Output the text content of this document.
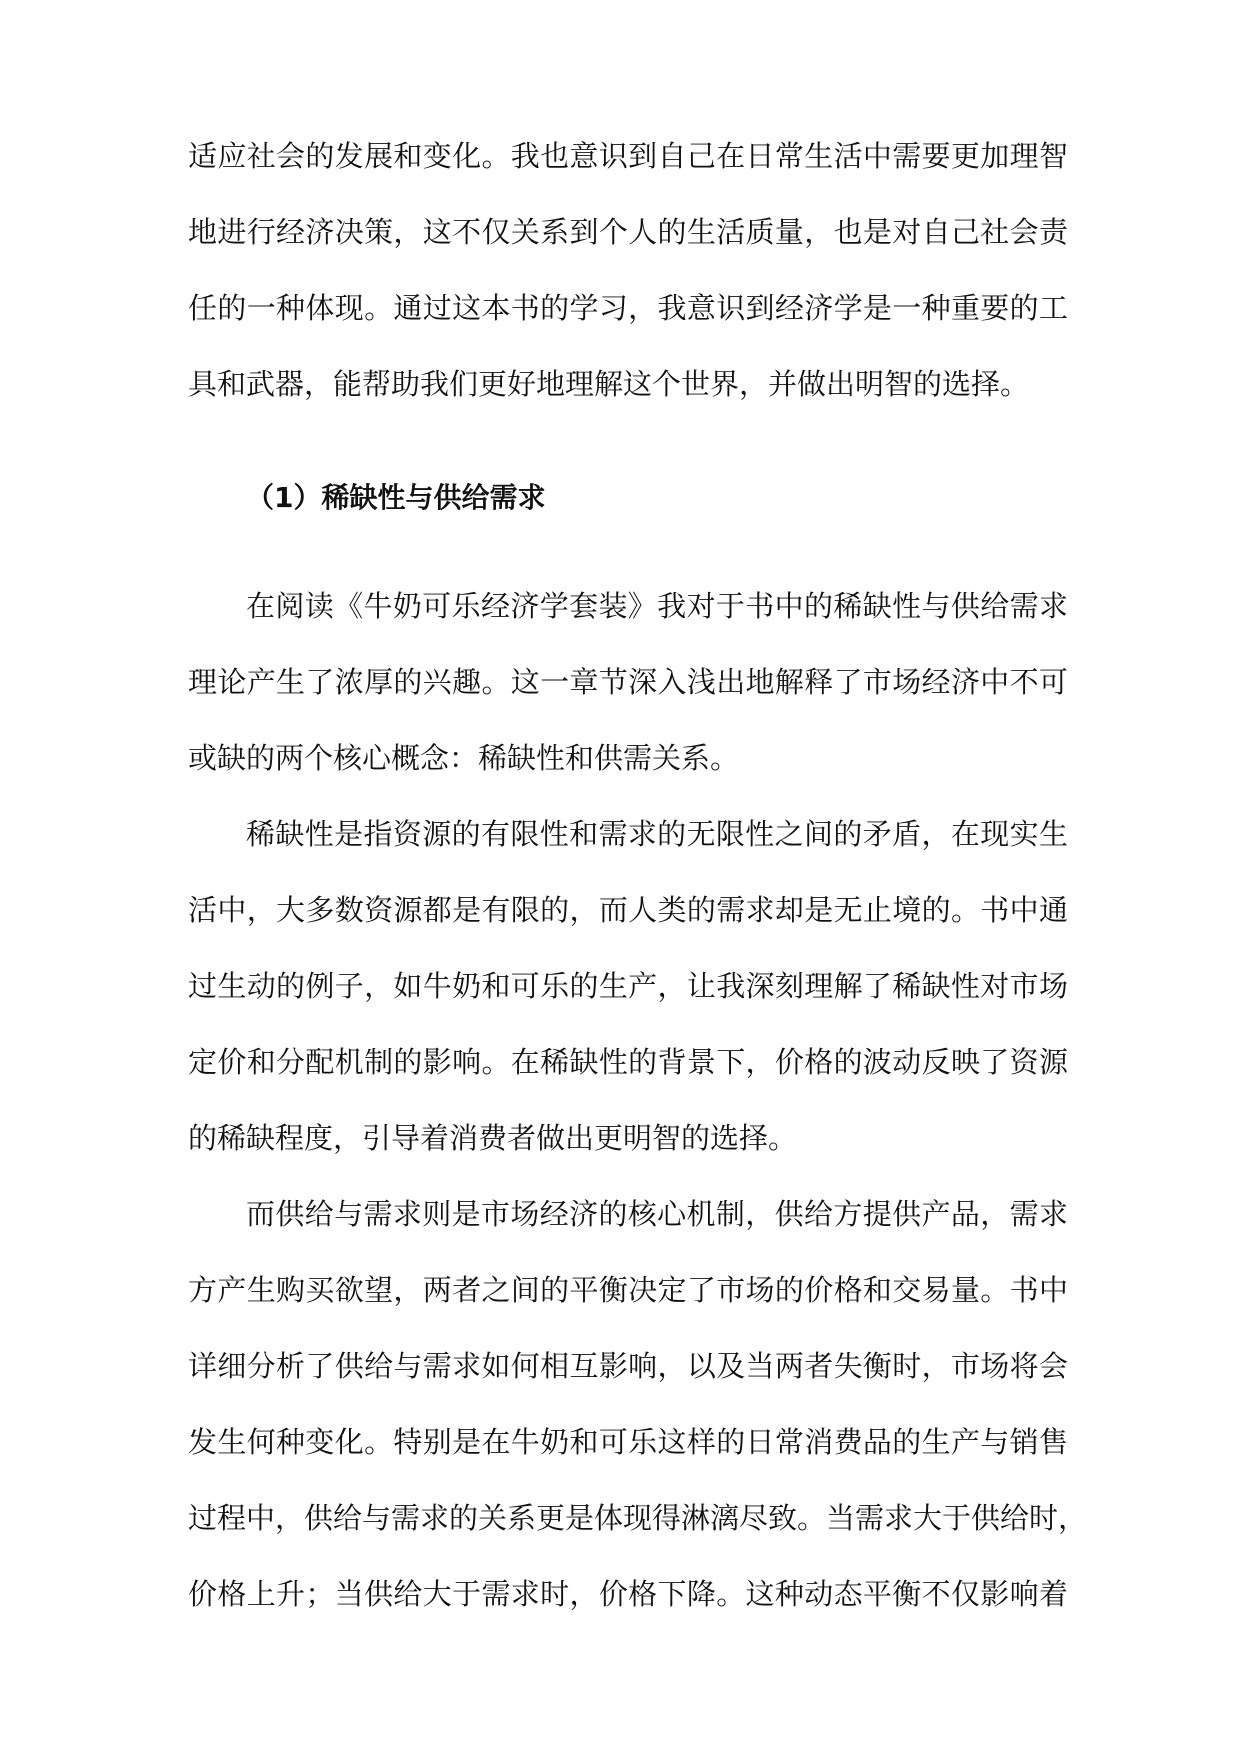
适应社会的发展和变化。我也意识到自己在日常生活中需要更加理智
地进行经济决策，这不仅关系到个人的生活质量，也是对自己社会责
任的一种体现。通过这本书的学习，我意识到经济学是一种重要的工
具和武器，能帮助我们更好地理解这个世界，并做出明智的选择。
（1）稀缺性与供给需求
在阅读《牛奶可乐经济学套装》我对于书中的稀缺性与供给需求
理论产生了浓厚的兴趣。这一章节深入浅出地解释了市场经济中不可
或缺的两个核心概念：稀缺性和供需关系。
稀缺性是指资源的有限性和需求的无限性之间的矛盾，在现实生
活中，大多数资源都是有限的，而人类的需求却是无止境的。书中通
过生动的例子，如牛奶和可乐的生产，让我深刻理解了稀缺性对市场
定价和分配机制的影响。在稀缺性的背景下，价格的波动反映了资源
的稀缺程度，引导着消费者做出更明智的选择。
而供给与需求则是市场经济的核心机制，供给方提供产品，需求
方产生购买欲望，两者之间的平衡决定了市场的价格和交易量。书中
详细分析了供给与需求如何相互影响，以及当两者失衡时，市场将会
发生何种变化。特别是在牛奶和可乐这样的日常消费品的生产与销售
过程中，供给与需求的关系更是体现得淋漓尽致。当需求大于供给时，
价格上升；当供给大于需求时，价格下降。这种动态平衡不仅影响着
